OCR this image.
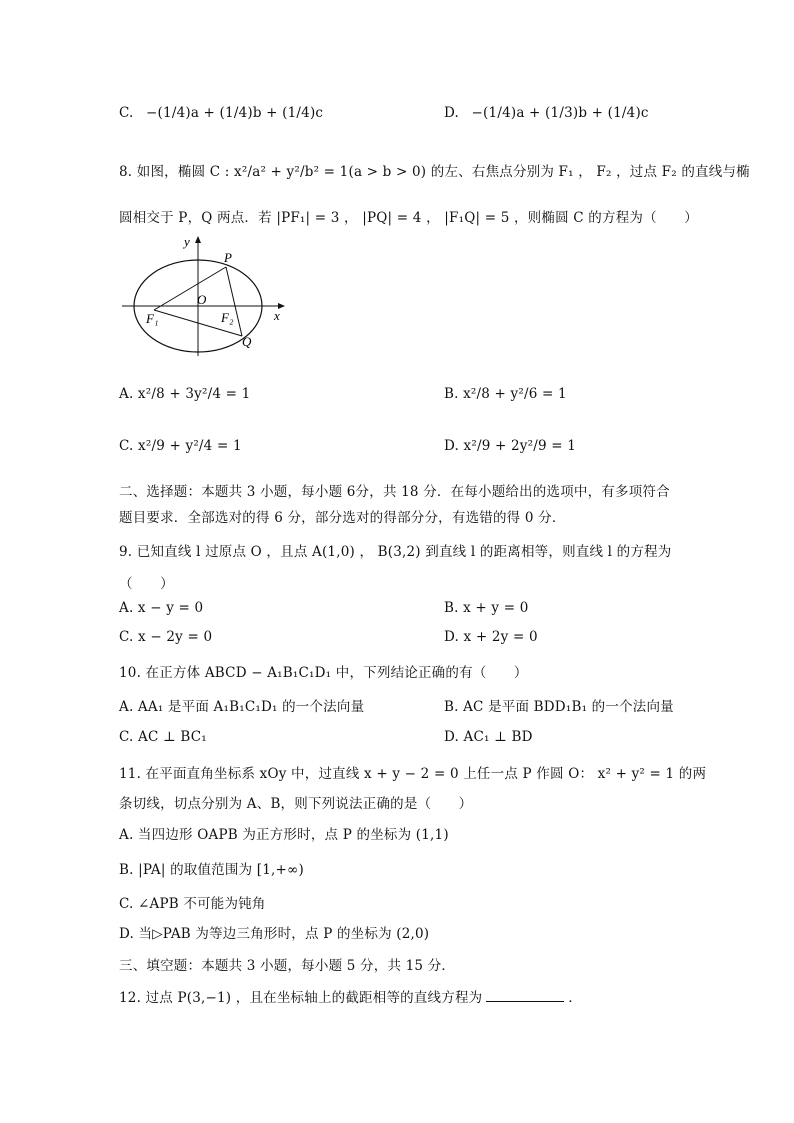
C. −(1/4)a + (1/4)b + (1/4)c	D. −(1/4)a + (1/3)b + (1/4)c
8. 如图，椭圆 C : x²/a² + y²/b² = 1(a > b > 0) 的左、右焦点分别为 F₁ ， F₂ ，过点 F₂ 的直线与椭
圆相交于 P，Q 两点．若 |PF₁| = 3 ， |PQ| = 4 ， |F₁Q| = 5 ，则椭圆 C 的方程为（　　）
y
x
O
P
Q
F₁	F₂
A. x²/8 + 3y²/4 = 1	B. x²/8 + y²/6 = 1
C. x²/9 + y²/4 = 1	D. x²/9 + 2y²/9 = 1
二、选择题：本题共 3 小题，每小题 6分，共 18 分．在每小题给出的选项中，有多项符合
题目要求．全部选对的得 6 分，部分选对的得部分分，有选错的得 0 分．
9. 已知直线 l 过原点 O ，且点 A(1,0) ， B(3,2) 到直线 l 的距离相等，则直线 l 的方程为
（　　）
A. x − y = 0	B. x + y = 0
C. x − 2y = 0	D. x + 2y = 0
10. 在正方体 ABCD − A₁B₁C₁D₁ 中，下列结论正确的有（　　）
A. AA₁ 是平面 A₁B₁C₁D₁ 的一个法向量	B. AC 是平面 BDD₁B₁ 的一个法向量
C. AC ⊥ BC₁	D. AC₁ ⊥ BD
11. 在平面直角坐标系 xOy 中，过直线 x + y − 2 = 0 上任一点 P 作圆 O： x² + y² = 1 的两
条切线，切点分别为 A、B，则下列说法正确的是（　　）
A. 当四边形 OAPB 为正方形时，点 P 的坐标为 (1,1)
B. |PA| 的取值范围为 [1,+∞)
C. ∠APB 不可能为钝角
D. 当▷PAB 为等边三角形时，点 P 的坐标为 (2,0)
三、填空题：本题共 3 小题，每小题 5 分，共 15 分．
12. 过点 P(3,−1) ，且在坐标轴上的截距相等的直线方程为	．
